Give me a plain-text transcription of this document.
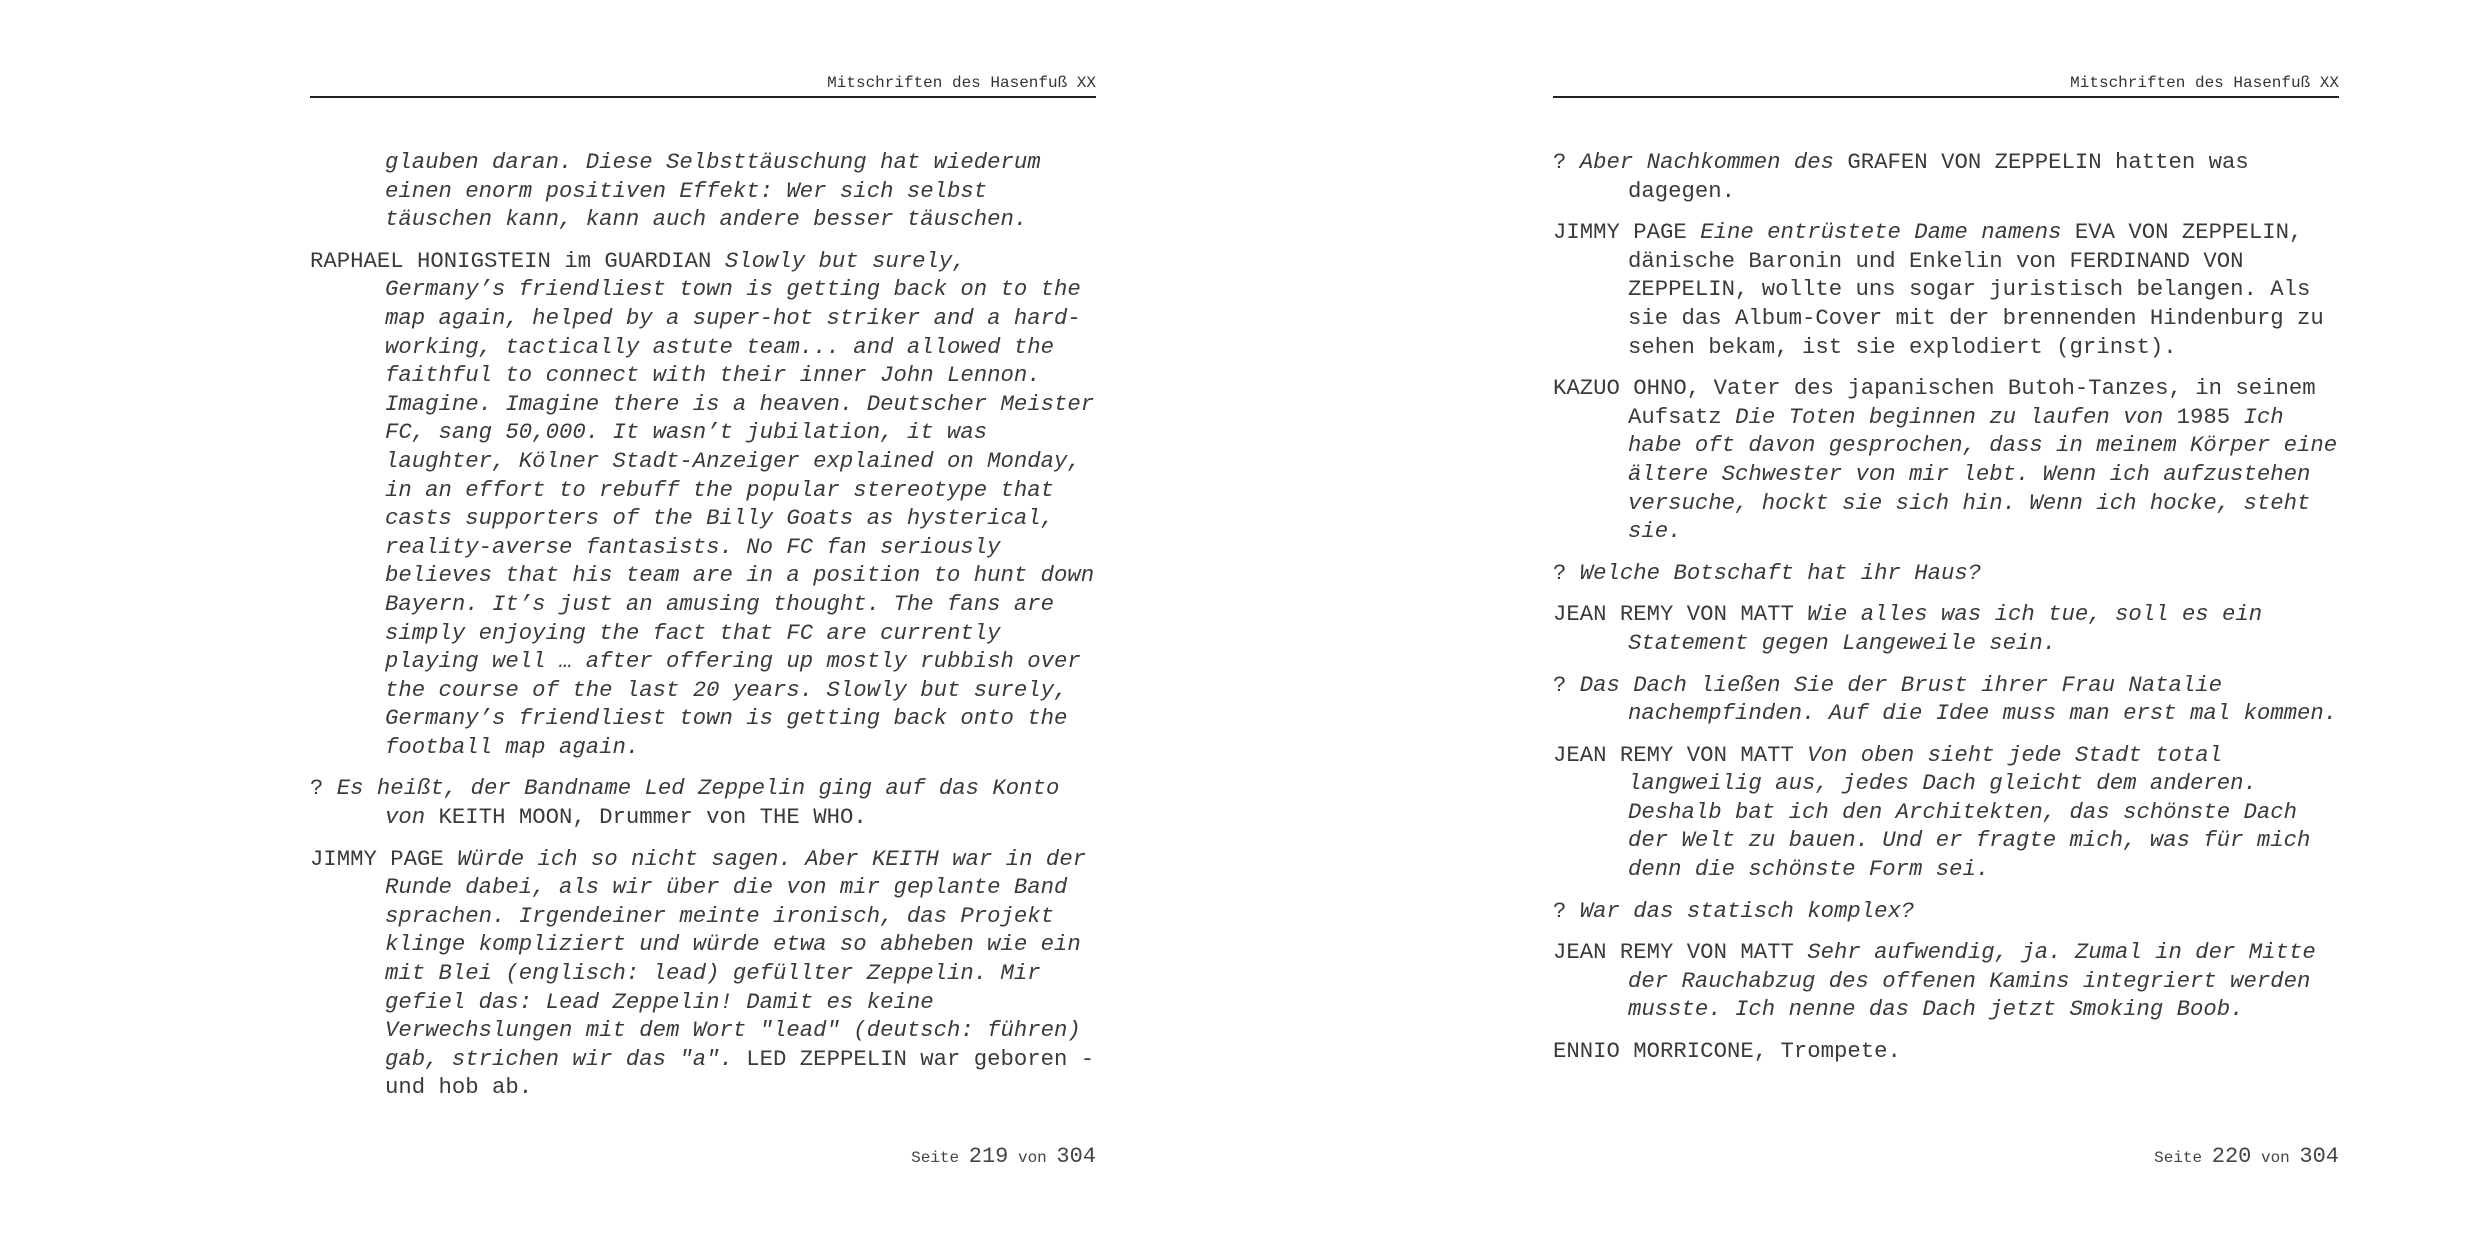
Mitschriften des Hasenfuß XX

glauben daran. Diese Selbsttäuschung hat wiederum einen enorm positiven Effekt: Wer sich selbst täuschen kann, kann auch andere besser täuschen.

RAPHAEL HONIGSTEIN im GUARDIAN Slowly but surely, Germany’s friendliest town is getting back on to the map again, helped by a super-hot striker and a hard-working, tactically astute team... and allowed the faithful to connect with their inner John Lennon. Imagine. Imagine there is a heaven. Deutscher Meister FC, sang 50,000. It wasn’t jubilation, it was laughter, Kölner Stadt-Anzeiger explained on Monday, in an effort to rebuff the popular stereotype that casts supporters of the Billy Goats as hysterical, reality-averse fantasists. No FC fan seriously believes that his team are in a position to hunt down Bayern. It’s just an amusing thought. The fans are simply enjoying the fact that FC are currently playing well … after offering up mostly rubbish over the course of the last 20 years. Slowly but surely, Germany’s friendliest town is getting back onto the football map again.

? Es heißt, der Bandname Led Zeppelin ging auf das Konto von KEITH MOON, Drummer von THE WHO.

JIMMY PAGE Würde ich so nicht sagen. Aber KEITH war in der Runde dabei, als wir über die von mir geplante Band sprachen. Irgendeiner meinte ironisch, das Projekt klinge kompliziert und würde etwa so abheben wie ein mit Blei (englisch: lead) gefüllter Zeppelin. Mir gefiel das: Lead Zeppelin! Damit es keine Verwechslungen mit dem Wort "lead" (deutsch: führen) gab, strichen wir das "a". LED ZEPPELIN war geboren - und hob ab.

Seite 219 von 304
Mitschriften des Hasenfuß XX

? Aber Nachkommen des GRAFEN VON ZEPPELIN hatten was dagegen.

JIMMY PAGE Eine entrüstete Dame namens EVA VON ZEPPELIN, dänische Baronin und Enkelin von FERDINAND VON ZEPPELIN, wollte uns sogar juristisch belangen. Als sie das Album-Cover mit der brennenden Hindenburg zu sehen bekam, ist sie explodiert (grinst).

KAZUO OHNO, Vater des japanischen Butoh-Tanzes, in seinem Aufsatz Die Toten beginnen zu laufen von 1985 Ich habe oft davon gesprochen, dass in meinem Körper eine ältere Schwester von mir lebt. Wenn ich aufzustehen versuche, hockt sie sich hin. Wenn ich hocke, steht sie.

? Welche Botschaft hat ihr Haus?

JEAN REMY VON MATT Wie alles was ich tue, soll es ein Statement gegen Langeweile sein.

? Das Dach ließen Sie der Brust ihrer Frau Natalie nachempfinden. Auf die Idee muss man erst mal kommen.

JEAN REMY VON MATT Von oben sieht jede Stadt total langweilig aus, jedes Dach gleicht dem anderen. Deshalb bat ich den Architekten, das schönste Dach der Welt zu bauen. Und er fragte mich, was für mich denn die schönste Form sei.

? War das statisch komplex?

JEAN REMY VON MATT Sehr aufwendig, ja. Zumal in der Mitte der Rauchabzug des offenen Kamins integriert werden musste. Ich nenne das Dach jetzt Smoking Boob.

ENNIO MORRICONE, Trompete.

Seite 220 von 304
